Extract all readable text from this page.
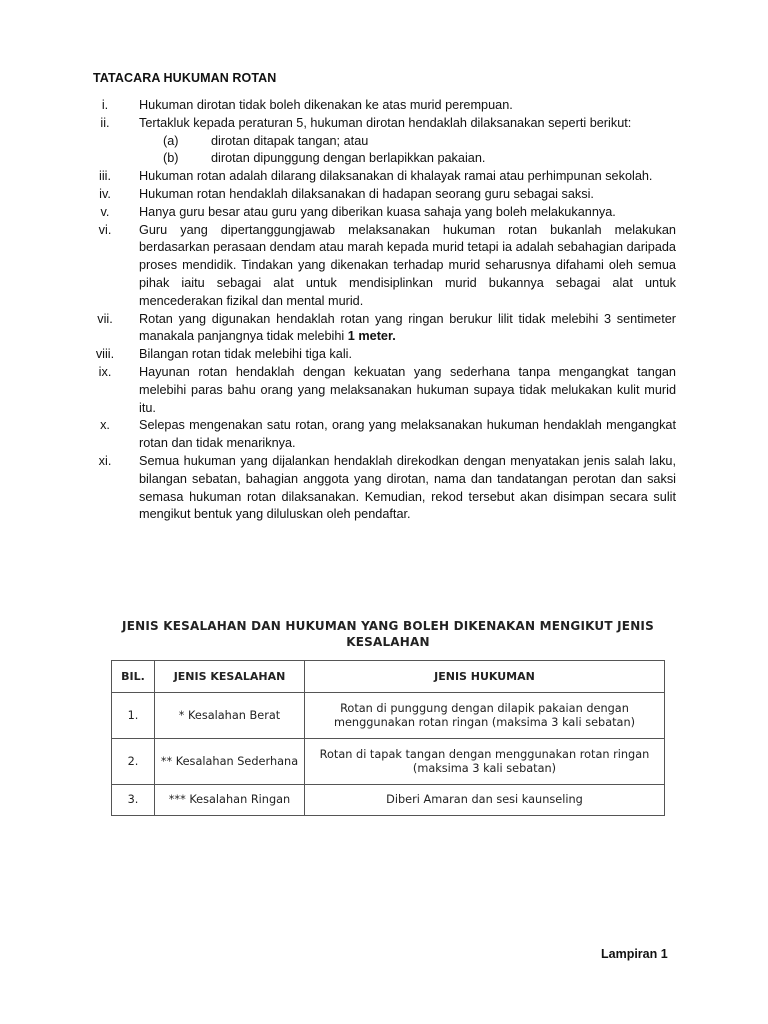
TATACARA HUKUMAN ROTAN
i.	Hukuman dirotan tidak boleh dikenakan ke atas murid perempuan.
ii.	Tertakluk kepada peraturan 5, hukuman dirotan hendaklah dilaksanakan seperti berikut:
(a)	dirotan ditapak tangan; atau
(b)	dirotan dipunggung dengan berlapikkan pakaian.
iii.	Hukuman rotan adalah dilarang dilaksanakan di khalayak ramai atau perhimpunan sekolah.
iv.	Hukuman rotan hendaklah dilaksanakan di hadapan seorang guru sebagai saksi.
v.	Hanya guru besar atau guru yang diberikan kuasa sahaja yang boleh melakukannya.
vi.	Guru yang dipertanggungjawab melaksanakan hukuman rotan bukanlah melakukan berdasarkan perasaan dendam atau marah kepada murid tetapi ia adalah sebahagian daripada proses mendidik. Tindakan yang dikenakan terhadap murid seharusnya difahami oleh semua pihak iaitu sebagai alat untuk mendisiplinkan murid bukannya sebagai alat untuk mencederakan fizikal dan mental murid.
vii.	Rotan yang digunakan hendaklah rotan yang ringan berukur lilit tidak melebihi 3 sentimeter manakala panjangnya tidak melebihi 1 meter.
viii.	Bilangan rotan tidak melebihi tiga kali.
ix.	Hayunan rotan hendaklah dengan kekuatan yang sederhana tanpa mengangkat tangan melebihi paras bahu orang yang melaksanakan hukuman supaya tidak melukakan kulit murid itu.
x.	Selepas mengenakan satu rotan, orang yang melaksanakan hukuman hendaklah mengangkat rotan dan tidak menariknya.
xi.	Semua hukuman yang dijalankan hendaklah direkodkan dengan menyatakan jenis salah laku, bilangan sebatan, bahagian anggota yang dirotan, nama dan tandatangan perotan dan saksi semasa hukuman rotan dilaksanakan. Kemudian, rekod tersebut akan disimpan secara sulit mengikut bentuk yang diluluskan oleh pendaftar.
JENIS KESALAHAN DAN HUKUMAN YANG BOLEH DIKENAKAN MENGIKUT JENIS KESALAHAN
BIL.	JENIS KESALAHAN	JENIS HUKUMAN
1.	* Kesalahan Berat	Rotan di punggung dengan dilapik pakaian dengan menggunakan rotan ringan (maksima 3 kali sebatan)
2.	** Kesalahan Sederhana	Rotan di tapak tangan dengan menggunakan rotan ringan (maksima 3 kali sebatan)
3.	*** Kesalahan Ringan	Diberi Amaran dan sesi kaunseling
Lampiran 1
